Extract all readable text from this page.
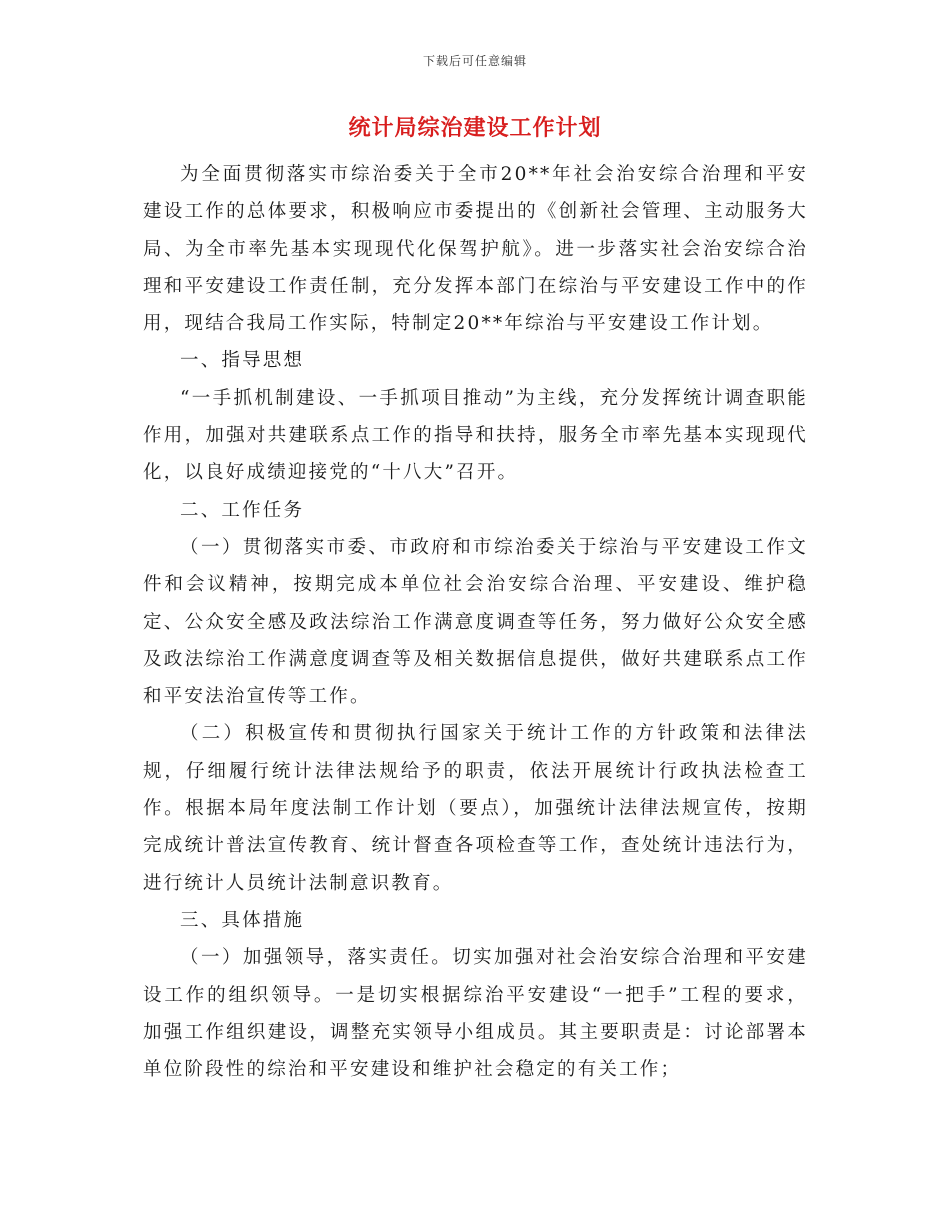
下载后可任意编辑
统计局综治建设工作计划

为全面贯彻落实市综治委关于全市20**年社会治安综合治理和平安建设工作的总体要求，积极响应市委提出的《创新社会管理、主动服务大局、为全市率先基本实现现代化保驾护航》。进一步落实社会治安综合治理和平安建设工作责任制，充分发挥本部门在综治与平安建设工作中的作用，现结合我局工作实际，特制定20**年综治与平安建设工作计划。

一、指导思想

“一手抓机制建设、一手抓项目推动”为主线，充分发挥统计调查职能作用，加强对共建联系点工作的指导和扶持，服务全市率先基本实现现代化，以良好成绩迎接党的“十八大”召开。

二、工作任务

（一）贯彻落实市委、市政府和市综治委关于综治与平安建设工作文件和会议精神，按期完成本单位社会治安综合治理、平安建设、维护稳定、公众安全感及政法综治工作满意度调查等任务，努力做好公众安全感及政法综治工作满意度调查等及相关数据信息提供，做好共建联系点工作和平安法治宣传等工作。

（二）积极宣传和贯彻执行国家关于统计工作的方针政策和法律法规，仔细履行统计法律法规给予的职责，依法开展统计行政执法检查工作。根据本局年度法制工作计划（要点），加强统计法律法规宣传，按期完成统计普法宣传教育、统计督查各项检查等工作，查处统计违法行为，进行统计人员统计法制意识教育。

三、具体措施

（一）加强领导，落实责任。切实加强对社会治安综合治理和平安建设工作的组织领导。一是切实根据综治平安建设“一把手”工程的要求，加强工作组织建设，调整充实领导小组成员。其主要职责是：讨论部署本单位阶段性的综治和平安建设和维护社会稳定的有关工作；
